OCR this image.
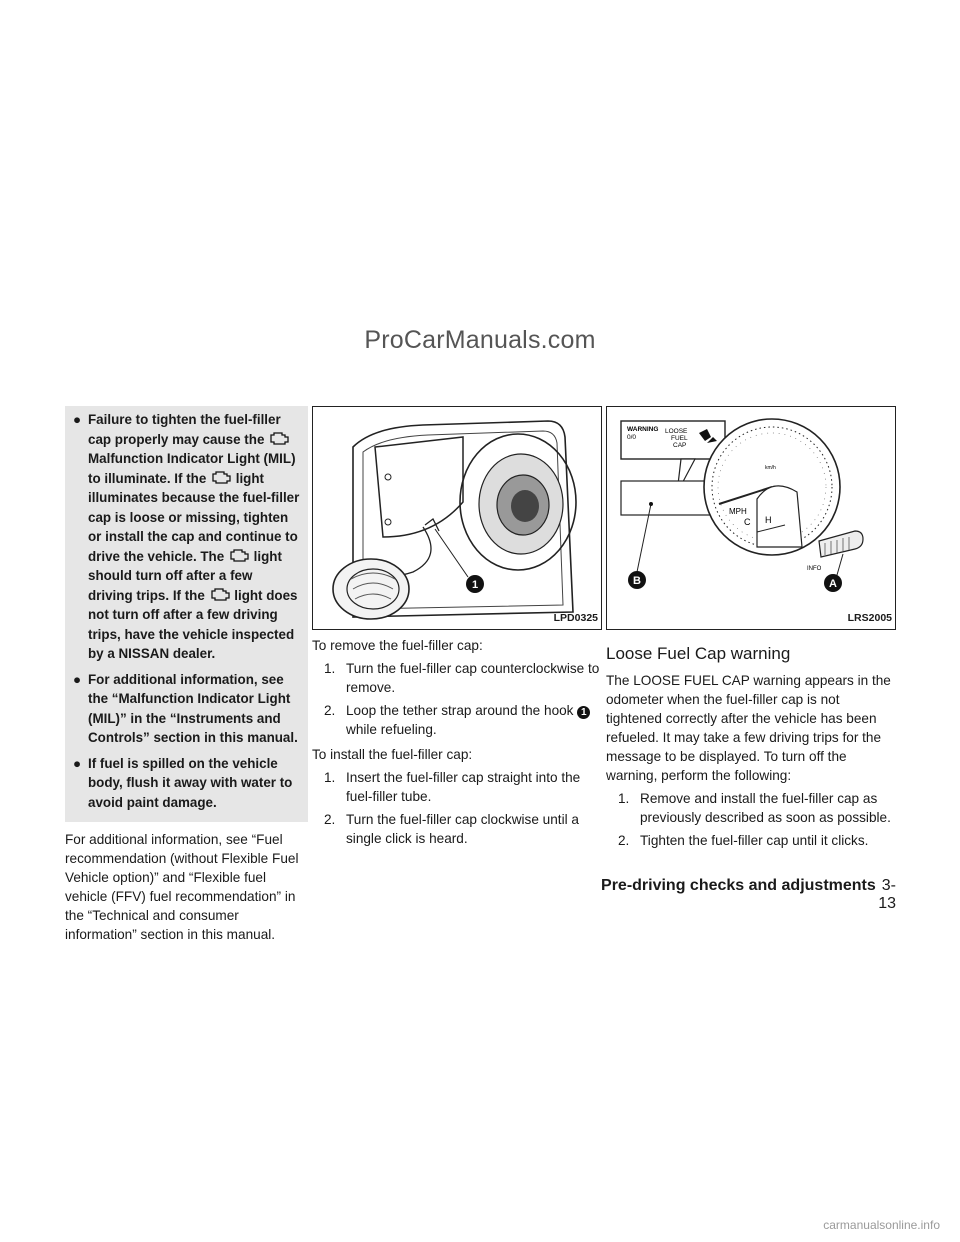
ProCarManuals.com
● Failure to tighten the fuel-filler cap properly may cause the  Malfunction Indicator Light (MIL) to illuminate. If the  light illuminates because the fuel-filler cap is loose or missing, tighten or install the cap and continue to drive the vehicle. The  light should turn off after a few driving trips. If the  light does not turn off after a few driving trips, have the vehicle inspected by a NISSAN dealer.
● For additional information, see the “Malfunction Indicator Light (MIL)” in the “Instruments and Controls” section in this manual.
● If fuel is spilled on the vehicle body, flush it away with water to avoid paint damage.

For additional information, see “Fuel recommendation (without Flexible Fuel Vehicle option)” and “Flexible fuel vehicle (FFV) fuel recommendation” in the “Technical and consumer information” section in this manual.

1
LPD0325

To remove the fuel-filler cap:

1. Turn the fuel-filler cap counterclockwise to remove.
2. Loop the tether strap around the hook 1 while refueling.

To install the fuel-filler cap:

1. Insert the fuel-filler cap straight into the fuel-filler tube.
2. Turn the fuel-filler cap clockwise until a single click is heard.
WARNING
0/0
LOOSE
FUEL
CAP
km/h
MPH
C H
INFO
A
B
LRS2005
Loose Fuel Cap warning

The LOOSE FUEL CAP warning appears in the odometer when the fuel-filler cap is not tightened correctly after the vehicle has been refueled. It may take a few driving trips for the message to be displayed. To turn off the warning, perform the following:

1. Remove and install the fuel-filler cap as previously described as soon as possible.
2. Tighten the fuel-filler cap until it clicks.
Pre-driving checks and adjustments 3-13
carmanualsonline.info
